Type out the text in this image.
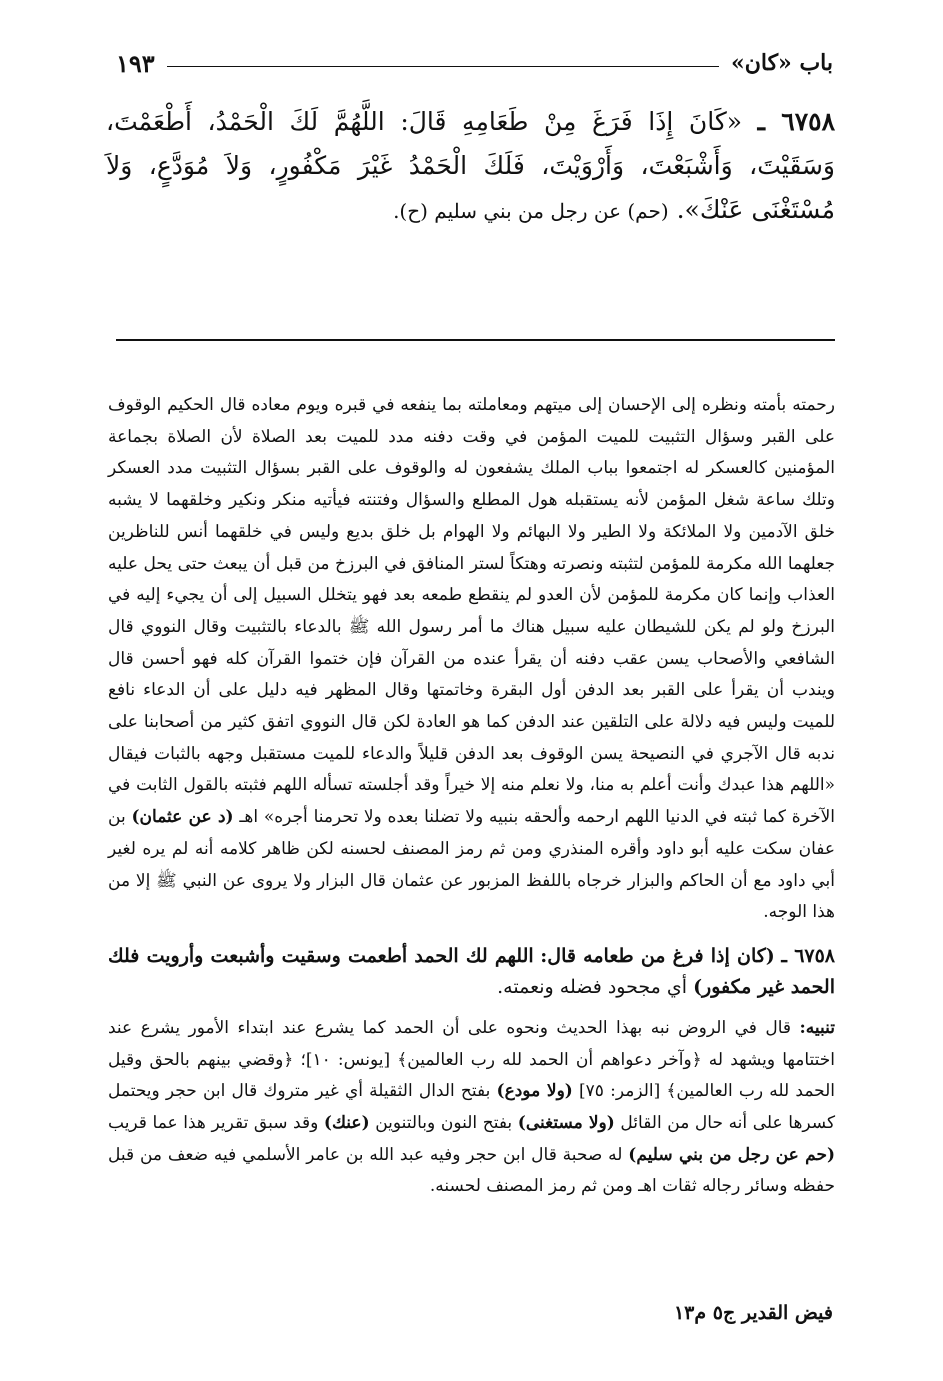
باب «كان»
١٩٣
٦٧٥٨ ـ «كَانَ إِذَا فَرَغَ مِنْ طَعَامِهِ قَالَ: اللَّهُمَّ لَكَ الْحَمْدُ، أَطْعَمْتَ، وَسَقَيْتَ، وَأَشْبَعْتَ، وَأَرْوَيْتَ، فَلَكَ الْحَمْدُ غَيْرَ مَكْفُورٍ، وَلاَ مُوَدَّعٍ، وَلاَ مُسْتَغْنَى عَنْكَ». (حم) عن رجل من بني سليم (ح).

رحمته بأمته ونظره إلى الإحسان إلى ميتهم ومعاملته بما ينفعه في قبره ويوم معاده قال الحكيم الوقوف على القبر وسؤال التثبيت للميت المؤمن في وقت دفنه مدد للميت بعد الصلاة لأن الصلاة بجماعة المؤمنين كالعسكر له اجتمعوا بباب الملك يشفعون له والوقوف على القبر بسؤال التثبيت مدد العسكر وتلك ساعة شغل المؤمن لأنه يستقبله هول المطلع والسؤال وفتنته فيأتيه منكر ونكير وخلقهما لا يشبه خلق الآدمين ولا الملائكة ولا الطير ولا البهائم ولا الهوام بل خلق بديع وليس في خلقهما أنس للناظرين جعلهما الله مكرمة للمؤمن لتثبته ونصرته وهتكاً لستر المنافق في البرزخ من قبل أن يبعث حتى يحل عليه العذاب وإنما كان مكرمة للمؤمن لأن العدو لم ينقطع طمعه بعد فهو يتخلل السبيل إلى أن يجيء إليه في البرزخ ولو لم يكن للشيطان عليه سبيل هناك ما أمر رسول الله ﷺ بالدعاء بالتثبيت وقال النووي قال الشافعي والأصحاب يسن عقب دفنه أن يقرأ عنده من القرآن فإن ختموا القرآن كله فهو أحسن قال ويندب أن يقرأ على القبر بعد الدفن أول البقرة وخاتمتها وقال المظهر فيه دليل على أن الدعاء نافع للميت وليس فيه دلالة على التلقين عند الدفن كما هو العادة لكن قال النووي اتفق كثير من أصحابنا على ندبه قال الآجري في النصيحة يسن الوقوف بعد الدفن قليلاً والدعاء للميت مستقبل وجهه بالثبات فيقال «اللهم هذا عبدك وأنت أعلم به منا، ولا نعلم منه إلا خيراً وقد أجلسته تسأله اللهم فثبته بالقول الثابت في الآخرة كما ثبته في الدنيا اللهم ارحمه وألحقه بنبيه ولا تضلنا بعده ولا تحرمنا أجره» اهـ (د عن عثمان) بن عفان سكت عليه أبو داود وأقره المنذري ومن ثم رمز المصنف لحسنه لكن ظاهر كلامه أنه لم يره لغير أبي داود مع أن الحاكم والبزار خرجاه باللفظ المزبور عن عثمان قال البزار ولا يروى عن النبي ﷺ إلا من هذا الوجه.

٦٧٥٨ ـ (كان إذا فرغ من طعامه قال: اللهم لك الحمد أطعمت وسقيت وأشبعت وأرويت فلك الحمد غير مكفور) أي مجحود فضله ونعمته.

تنبيه: قال في الروض نبه بهذا الحديث ونحوه على أن الحمد كما يشرع عند ابتداء الأمور يشرع عند اختتامها ويشهد له ﴿وآخر دعواهم أن الحمد لله رب العالمين﴾ [يونس: ١٠]؛ ﴿وقضي بينهم بالحق وقيل الحمد لله رب العالمين﴾ [الزمر: ٧٥] (ولا مودع) بفتح الدال الثقيلة أي غير متروك قال ابن حجر ويحتمل كسرها على أنه حال من القائل (ولا مستغنى) بفتح النون وبالتنوين (عنك) وقد سبق تقرير هذا عما قريب (حم عن رجل من بني سليم) له صحبة قال ابن حجر وفيه عبد الله بن عامر الأسلمي فيه ضعف من قبل حفظه وسائر رجاله ثقات اهـ ومن ثم رمز المصنف لحسنه.

فيض القدير ج٥ م١٣
